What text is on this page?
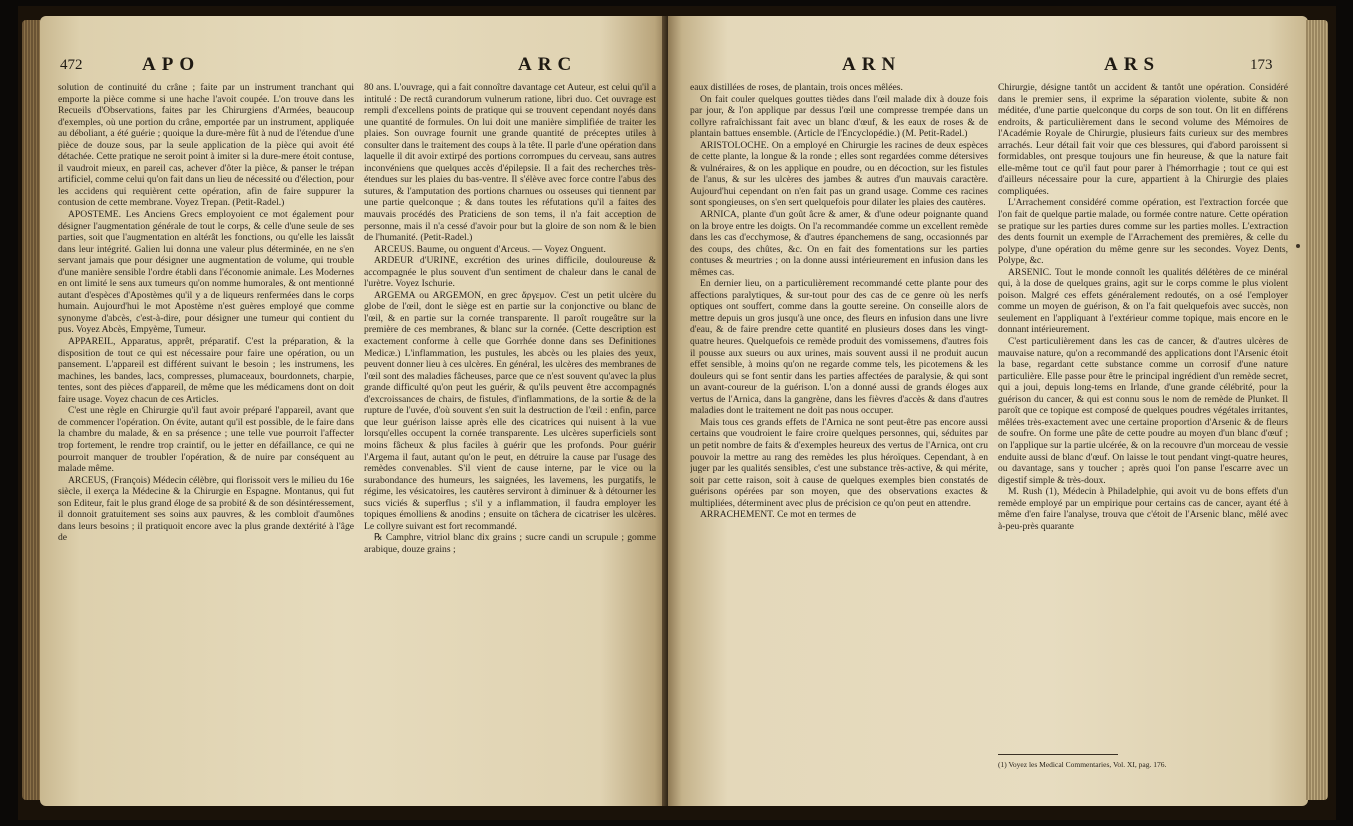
472	APO	ARC

solution de continuité du crâne ; faite par un instrument tranchant qui emporte la pièce comme si une hache l'avoit coupée. L'on trouve dans les Recueils d'Observations, faites par les Chirurgiens d'Armées, beaucoup d'exemples, où une portion du crâne, emportée par un instrument, appliquée au déboliant, a été guérie ; quoique la dure-mère fût à nud de l'étendue d'une pièce de douze sous, par la seule application de la pièce qui avoit été détachée. Cette pratique ne seroit point à imiter si la dure-mere étoit contuse, il vaudroit mieux, en pareil cas, achever d'ôter la pièce, & panser le trépan artificiel, comme celui qu'on fait dans un lieu de nécessité ou d'élection, pour les accidens qui requièrent cette opération, afin de faire suppurer la contusion de cette membrane. Voyez Trepan. (Petit-Radel.)

APOSTEME. Les Anciens Grecs employoient ce mot également pour désigner l'augmentation générale de tout le corps, & celle d'une seule de ses parties, soit que l'augmentation en altérât les fonctions, ou qu'elle les laissât dans leur intégrité. Galien lui donna une valeur plus déterminée, en ne s'en servant jamais que pour désigner une augmentation de volume, qui trouble d'une manière sensible l'ordre établi dans l'économie animale. Les Modernes en ont limité le sens aux tumeurs qu'on nomme humorales, & ont mentionné autant d'espèces d'Apostèmes qu'il y a de liqueurs renfermées dans le corps humain. Aujourd'hui le mot Apostème n'est guères employé que comme synonyme d'abcès, c'est-à-dire, pour désigner une tumeur qui contient du pus. Voyez Abcès, Empyème, Tumeur.

APPAREIL, Apparatus, apprêt, préparatif. C'est la préparation, & la disposition de tout ce qui est nécessaire pour faire une opération, ou un pansement. L'appareil est différent suivant le besoin ; les instrumens, les machines, les bandes, lacs, compresses, plumaceaux, bourdonnets, charpie, tentes, sont des pièces d'appareil, de même que les médicamens dont on doit faire usage. Voyez chacun de ces Articles.

C'est une règle en Chirurgie qu'il faut avoir préparé l'appareil, avant que de commencer l'opération. On évite, autant qu'il est possible, de le faire dans la chambre du malade, & en sa présence ; une telle vue pourroit l'affecter trop fortement, le rendre trop craintif, ou le jetter en défaillance, ce qui ne pourroit manquer de troubler l'opération, & de nuire par conséquent au malade même.

ARCEUS, (François) Médecin célèbre, qui florissoit vers le milieu du 16e siècle, il exerça la Médecine & la Chirurgie en Espagne. Montanus, qui fut son Editeur, fait le plus grand éloge de sa probité & de son désintéressement, il donnoit gratuitement ses soins aux pauvres, & les combloit d'aumônes dans leurs besoins ; il pratiquoit encore avec la plus grande dextérité à l'âge de

80 ans. L'ouvrage, qui a fait connoître davantage cet Auteur, est celui qu'il a intitulé : De rectâ curandorum vulnerum ratione, libri duo. Cet ouvrage est rempli d'excellens points de pratique qui se trouvent cependant noyés dans une quantité de formules. On lui doit une manière simplifiée de traiter les plaies. Son ouvrage fournit une grande quantité de préceptes utiles à consulter dans le traitement des coups à la tête. Il parle d'une opération dans laquelle il dit avoir extirpé des portions corrompues du cerveau, sans autres inconvéniens que quelques accès d'épilepsie. Il a fait des recherches très-étendues sur les plaies du bas-ventre. Il s'élève avec force contre l'abus des sutures, & l'amputation des portions charnues ou osseuses qui tiennent par une partie quelconque ; & dans toutes les réfutations qu'il a faites des mauvais procédés des Praticiens de son tems, il n'a fait acception de personne, mais il n'a cessé d'avoir pour but la gloire de son nom & le bien de l'humanité. (Petit-Radel.)

ARCEUS. Baume, ou onguent d'Arceus. — Voyez Onguent.

ARDEUR d'URINE, excrétion des urines difficile, douloureuse & accompagnée le plus souvent d'un sentiment de chaleur dans le canal de l'urètre. Voyez Ischurie.

ARGEMA ou ARGEMON, en grec ἄργεμον. C'est un petit ulcère du globe de l'œil, dont le siège est en partie sur la conjonctive ou blanc de l'œil, & en partie sur la cornée transparente. Il paroît rougeâtre sur la première de ces membranes, & blanc sur la cornée. (Cette description est exactement conforme à celle que Gorrhée donne dans ses Definitiones Medicæ.) L'inflammation, les pustules, les abcès ou les plaies des yeux, peuvent donner lieu à ces ulcères. En général, les ulcères des membranes de l'œil sont des maladies fâcheuses, parce que ce n'est souvent qu'avec la plus grande difficulté qu'on peut les guérir, & qu'ils peuvent être accompagnés d'excroissances de chairs, de fistules, d'inflammations, de la sortie & de la rupture de l'uvée, d'où souvent s'en suit la destruction de l'œil : enfin, parce que leur guérison laisse après elle des cicatrices qui nuisent à la vue lorsqu'elles occupent la cornée transparente. Les ulcères superficiels sont moins fâcheux & plus faciles à guérir que les profonds. Pour guérir l'Argema il faut, autant qu'on le peut, en détruire la cause par l'usage des remèdes convenables. S'il vient de cause interne, par le vice ou la surabondance des humeurs, les saignées, les lavemens, les purgatifs, le régime, les vésicatoires, les cautères serviront à diminuer & à détourner les sucs viciés & superflus ; s'il y a inflammation, il faudra employer les topiques émolliens & anodins ; ensuite on tâchera de cicatriser les ulcères. Le collyre suivant est fort recommandé.

℞ Camphre, vitriol blanc dix grains ; sucre candi un scrupule ; gomme arabique, douze grains ;

ARN	ARS	173

eaux distillées de roses, de plantain, trois onces mêlées.

On fait couler quelques gouttes tièdes dans l'œil malade dix à douze fois par jour, & l'on applique par dessus l'œil une compresse trempée dans un collyre rafraîchissant fait avec un blanc d'œuf, & les eaux de roses & de plantain battues ensemble. (Article de l'Encyclopédie.) (M. Petit-Radel.)

ARISTOLOCHE. On a employé en Chirurgie les racines de deux espèces de cette plante, la longue & la ronde ; elles sont regardées comme détersives & vulnéraires, & on les applique en poudre, ou en décoction, sur les fistules de l'anus, & sur les ulcères des jambes & autres d'un mauvais caractère. Aujourd'hui cependant on n'en fait pas un grand usage. Comme ces racines sont spongieuses, on s'en sert quelquefois pour dilater les plaies des cautères.

ARNICA, plante d'un goût âcre & amer, & d'une odeur poignante quand on la broye entre les doigts. On l'a recommandée comme un excellent remède dans les cas d'ecchymose, & d'autres épanchemens de sang, occasionnés par des coups, des chûtes, &c. On en fait des fomentations sur les parties contuses & meurtries ; on la donne aussi intérieurement en infusion dans les mêmes cas.

En dernier lieu, on a particulièrement recommandé cette plante pour des affections paralytiques, & sur-tout pour des cas de ce genre où les nerfs optiques ont souffert, comme dans la goutte sereine. On conseille alors de mettre depuis un gros jusqu'à une once, des fleurs en infusion dans une livre d'eau, & de faire prendre cette quantité en plusieurs doses dans les vingt-quatre heures. Quelquefois ce remède produit des vomissemens, d'autres fois il pousse aux sueurs ou aux urines, mais souvent aussi il ne produit aucun effet sensible, à moins qu'on ne regarde comme tels, les picotemens & les douleurs qui se font sentir dans les parties affectées de paralysie, & qui sont un avant-coureur de la guérison. L'on a donné aussi de grands éloges aux vertus de l'Arnica, dans la gangrène, dans les fièvres d'accès & dans d'autres maladies dont le traitement ne doit pas nous occuper.

Mais tous ces grands effets de l'Arnica ne sont peut-être pas encore aussi certains que voudroient le faire croire quelques personnes, qui, séduites par un petit nombre de faits & d'exemples heureux des vertus de l'Arnica, ont cru pouvoir la mettre au rang des remèdes les plus héroïques. Cependant, à en juger par les qualités sensibles, c'est une substance très-active, & qui mérite, soit par cette raison, soit à cause de quelques exemples bien constatés de guérisons opérées par son moyen, que des observations exactes & multipliées, déterminent avec plus de précision ce qu'on peut en attendre.

ARRACHEMENT. Ce mot en termes de

Chirurgie, désigne tantôt un accident & tantôt une opération. Considéré dans le premier sens, il exprime la séparation violente, subite & non méditée, d'une partie quelconque du corps de son tout. On lit en différens endroits, & particulièrement dans le second volume des Mémoires de l'Académie Royale de Chirurgie, plusieurs faits curieux sur des membres arrachés. Leur détail fait voir que ces blessures, qui d'abord paroissent si formidables, ont presque toujours une fin heureuse, & que la nature fait elle-même tout ce qu'il faut pour parer à l'hémorrhagie ; tout ce qui est d'ailleurs nécessaire pour la cure, appartient à la Chirurgie des plaies compliquées.

L'Arrachement considéré comme opération, est l'extraction forcée que l'on fait de quelque partie malade, ou formée contre nature. Cette opération se pratique sur les parties dures comme sur les parties molles. L'extraction des dents fournit un exemple de l'Arrachement des premières, & celle du polype, d'une opération du même genre sur les secondes. Voyez Dents, Polype, &c.

ARSENIC. Tout le monde connoît les qualités délétères de ce minéral qui, à la dose de quelques grains, agit sur le corps comme le plus violent poison. Malgré ces effets généralement redoutés, on a osé l'employer comme un moyen de guérison, & on l'a fait quelquefois avec succès, non seulement en l'appliquant à l'extérieur comme topique, mais encore en le donnant intérieurement.

C'est particulièrement dans les cas de cancer, & d'autres ulcères de mauvaise nature, qu'on a recommandé des applications dont l'Arsenic étoit la base, regardant cette substance comme un corrosif d'une nature particulière. Elle passe pour être le principal ingrédient d'un remède secret, qui a joui, depuis long-tems en Irlande, d'une grande célébrité, pour la guérison du cancer, & qui est connu sous le nom de remède de Plunket. Il paroît que ce topique est composé de quelques poudres végétales irritantes, mêlées très-exactement avec une certaine proportion d'Arsenic & de fleurs de soufre. On forme une pâte de cette poudre au moyen d'un blanc d'œuf ; on l'applique sur la partie ulcérée, & on la recouvre d'un morceau de vessie enduite aussi de blanc d'œuf. On laisse le tout pendant vingt-quatre heures, ou davantage, sans y toucher ; après quoi l'on panse l'escarre avec un digestif simple & très-doux.

M. Rush (1), Médecin à Philadelphie, qui avoit vu de bons effets d'un remède employé par un empirique pour certains cas de cancer, ayant été à même d'en faire l'analyse, trouva que c'étoit de l'Arsenic blanc, mêlé avec à-peu-près quarante

(1) Voyez les Medical Commentaries, Vol. XI, pag. 176.
